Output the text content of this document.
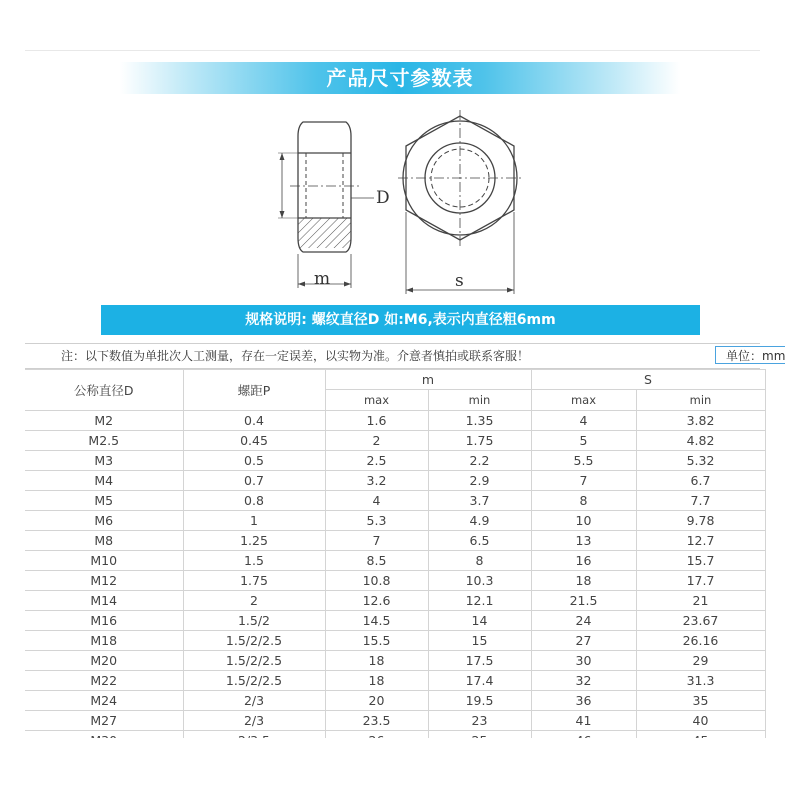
产品尺寸参数表
D
m	s
规格说明: 螺纹直径D 如:M6,表示内直径粗6mm
注：以下数值为单批次人工测量，存在一定误差，以实物为准。介意者慎拍或联系客服！	单位：mm
公称直径D	螺距P	m		S	
		max	min	max	min
M2	0.4	1.6	1.35	4	3.82
M2.5	0.45	2	1.75	5	4.82
M3	0.5	2.5	2.2	5.5	5.32
M4	0.7	3.2	2.9	7	6.7
M5	0.8	4	3.7	8	7.7
M6	1	5.3	4.9	10	9.78
M8	1.25	7	6.5	13	12.7
M10	1.5	8.5	8	16	15.7
M12	1.75	10.8	10.3	18	17.7
M14	2	12.6	12.1	21.5	21
M16	1.5/2	14.5	14	24	23.67
M18	1.5/2/2.5	15.5	15	27	26.16
M20	1.5/2/2.5	18	17.5	30	29
M22	1.5/2/2.5	18	17.4	32	31.3
M24	2/3	20	19.5	36	35
M27	2/3	23.5	23	41	40
